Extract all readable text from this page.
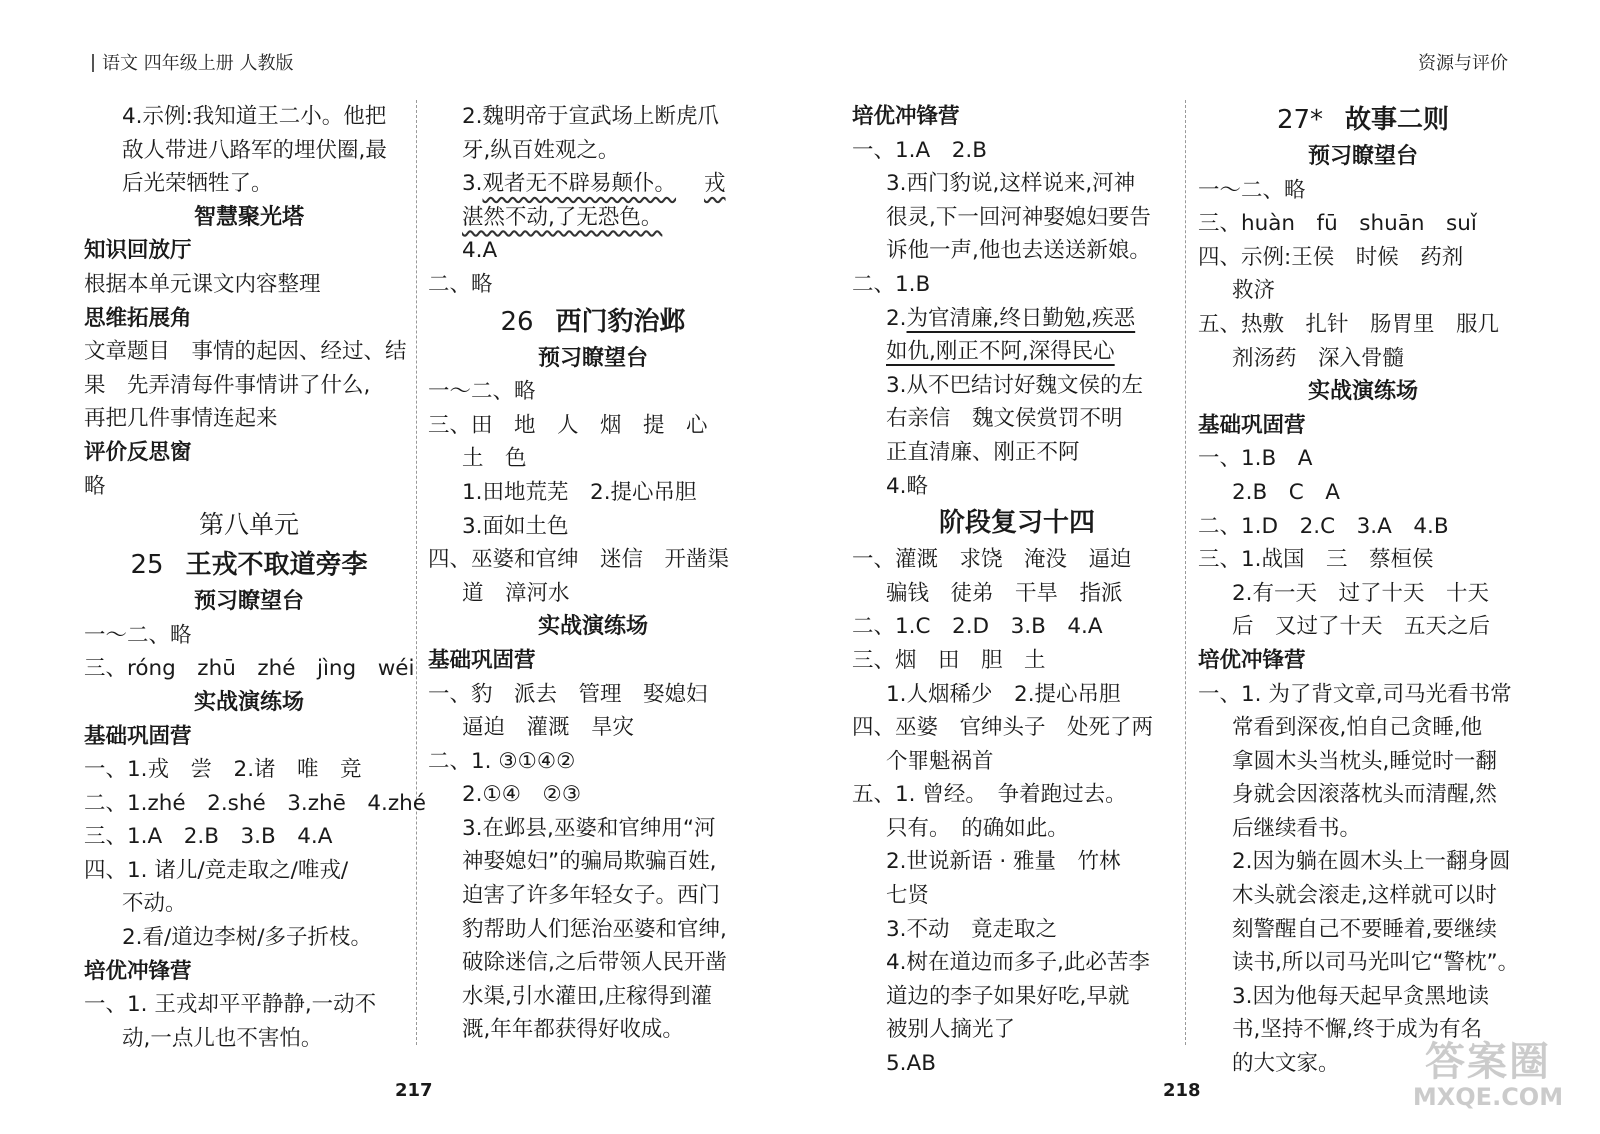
语文 四年级上册 人教版	资源与评价
4.示例:我知道王二小。他把
敌人带进八路军的埋伏圈,最
后光荣牺牲了。
智慧聚光塔
知识回放厅
根据本单元课文内容整理
思维拓展角
文章题目　事情的起因、经过、结
果　先弄清每件事情讲了什么,
再把几件事情连起来
评价反思窗
略
第八单元
25 王戎不取道旁李
预习瞭望台
一～二、略
三、róng　zhū　zhé　jìng　wéi
实战演练场
基础巩固营
一、1.戎　尝　2.诸　唯　竞
二、1.zhé　2.shé　3.zhē　4.zhé
三、1.A　2.B　3.B　4.A
四、1. 诸儿/竞走取之/唯戎/
不动。
2.看/道边李树/多子折枝。
培优冲锋营
一、1. 王戎却平平静静,一动不
动,一点儿也不害怕。
2.魏明帝于宣武场上断虎爪
牙,纵百姓观之。
3.观者无不辟易颠仆。 戎
湛然不动,了无恐色。
4.A
二、略
26 西门豹治邺
预习瞭望台
一～二、略
三、田　地　人　烟　提　心
土　色
1.田地荒芜　2.提心吊胆
3.面如土色
四、巫婆和官绅　迷信　开凿渠
道　漳河水
实战演练场
基础巩固营
一、豹　派去　管理　娶媳妇
逼迫　灌溉　旱灾
二、1. ③①④②
2.①④　②③
3.在邺县,巫婆和官绅用“河
神娶媳妇”的骗局欺骗百姓,
迫害了许多年轻女子。西门
豹帮助人们惩治巫婆和官绅,
破除迷信,之后带领人民开凿
水渠,引水灌田,庄稼得到灌
溉,年年都获得好收成。
培优冲锋营
一、1.A　2.B
3.西门豹说,这样说来,河神
很灵,下一回河神娶媳妇要告
诉他一声,他也去送送新娘。
二、1.B
2.为官清廉,终日勤勉,疾恶
如仇,刚正不阿,深得民心
3.从不巴结讨好魏文侯的左
右亲信　魏文侯赏罚不明
正直清廉、刚正不阿
4.略
阶段复习十四
一、灌溉　求饶　淹没　逼迫
骗钱　徒弟　干旱　指派
二、1.C　2.D　3.B　4.A
三、烟　田　胆　土
1.人烟稀少　2.提心吊胆
四、巫婆　官绅头子　处死了两
个罪魁祸首
五、1. 曾经。　争着跑过去。
只有。　的确如此。
2.世说新语 · 雅量　竹林
七贤
3.不动　竟走取之
4.树在道边而多子,此必苦李
道边的李子如果好吃,早就
被别人摘光了
5.AB
27* 故事二则
预习瞭望台
一～二、略
三、huàn　fū　shuān　suǐ
四、示例:王侯　时候　药剂
救济
五、热敷　扎针　肠胃里　服几
剂汤药　深入骨髓
实战演练场
基础巩固营
一、1.B　A
2.B　C　A
二、1.D　2.C　3.A　4.B
三、1.战国　三　蔡桓侯
2.有一天　过了十天　十天
后　又过了十天　五天之后
培优冲锋营
一、1. 为了背文章,司马光看书常
常看到深夜,怕自己贪睡,他
拿圆木头当枕头,睡觉时一翻
身就会因滚落枕头而清醒,然
后继续看书。
2.因为躺在圆木头上一翻身圆
木头就会滚走,这样就可以时
刻警醒自己不要睡着,要继续
读书,所以司马光叫它“警枕”。
3.因为他每天起早贪黑地读
书,坚持不懈,终于成为有名
的大文家。
217	218
答案圈
MXQE.COM
